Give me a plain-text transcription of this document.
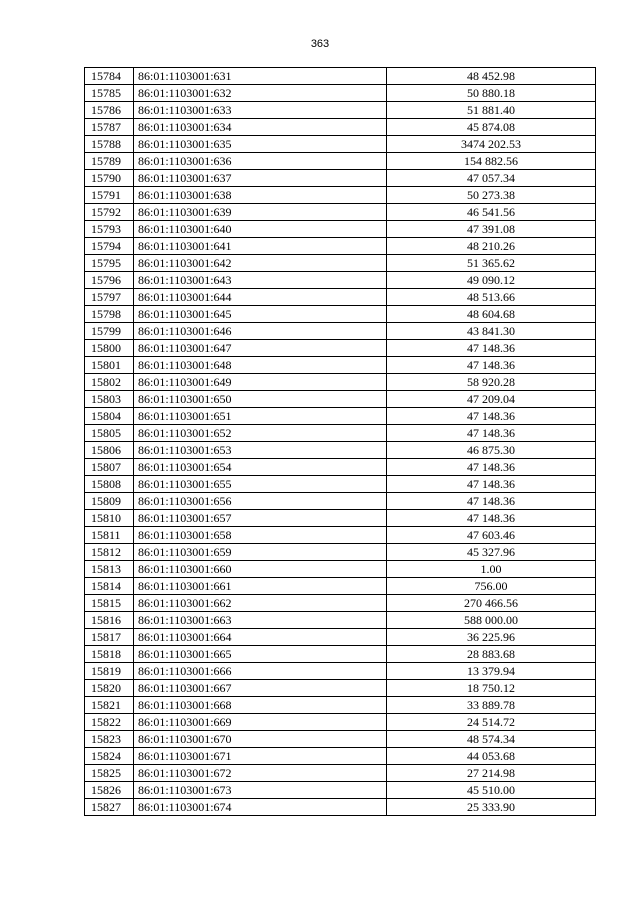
363
15784	86:01:1103001:631	48 452.98
15785	86:01:1103001:632	50 880.18
15786	86:01:1103001:633	51 881.40
15787	86:01:1103001:634	45 874.08
15788	86:01:1103001:635	3474 202.53
15789	86:01:1103001:636	154 882.56
15790	86:01:1103001:637	47 057.34
15791	86:01:1103001:638	50 273.38
15792	86:01:1103001:639	46 541.56
15793	86:01:1103001:640	47 391.08
15794	86:01:1103001:641	48 210.26
15795	86:01:1103001:642	51 365.62
15796	86:01:1103001:643	49 090.12
15797	86:01:1103001:644	48 513.66
15798	86:01:1103001:645	48 604.68
15799	86:01:1103001:646	43 841.30
15800	86:01:1103001:647	47 148.36
15801	86:01:1103001:648	47 148.36
15802	86:01:1103001:649	58 920.28
15803	86:01:1103001:650	47 209.04
15804	86:01:1103001:651	47 148.36
15805	86:01:1103001:652	47 148.36
15806	86:01:1103001:653	46 875.30
15807	86:01:1103001:654	47 148.36
15808	86:01:1103001:655	47 148.36
15809	86:01:1103001:656	47 148.36
15810	86:01:1103001:657	47 148.36
15811	86:01:1103001:658	47 603.46
15812	86:01:1103001:659	45 327.96
15813	86:01:1103001:660	1.00
15814	86:01:1103001:661	756.00
15815	86:01:1103001:662	270 466.56
15816	86:01:1103001:663	588 000.00
15817	86:01:1103001:664	36 225.96
15818	86:01:1103001:665	28 883.68
15819	86:01:1103001:666	13 379.94
15820	86:01:1103001:667	18 750.12
15821	86:01:1103001:668	33 889.78
15822	86:01:1103001:669	24 514.72
15823	86:01:1103001:670	48 574.34
15824	86:01:1103001:671	44 053.68
15825	86:01:1103001:672	27 214.98
15826	86:01:1103001:673	45 510.00
15827	86:01:1103001:674	25 333.90
